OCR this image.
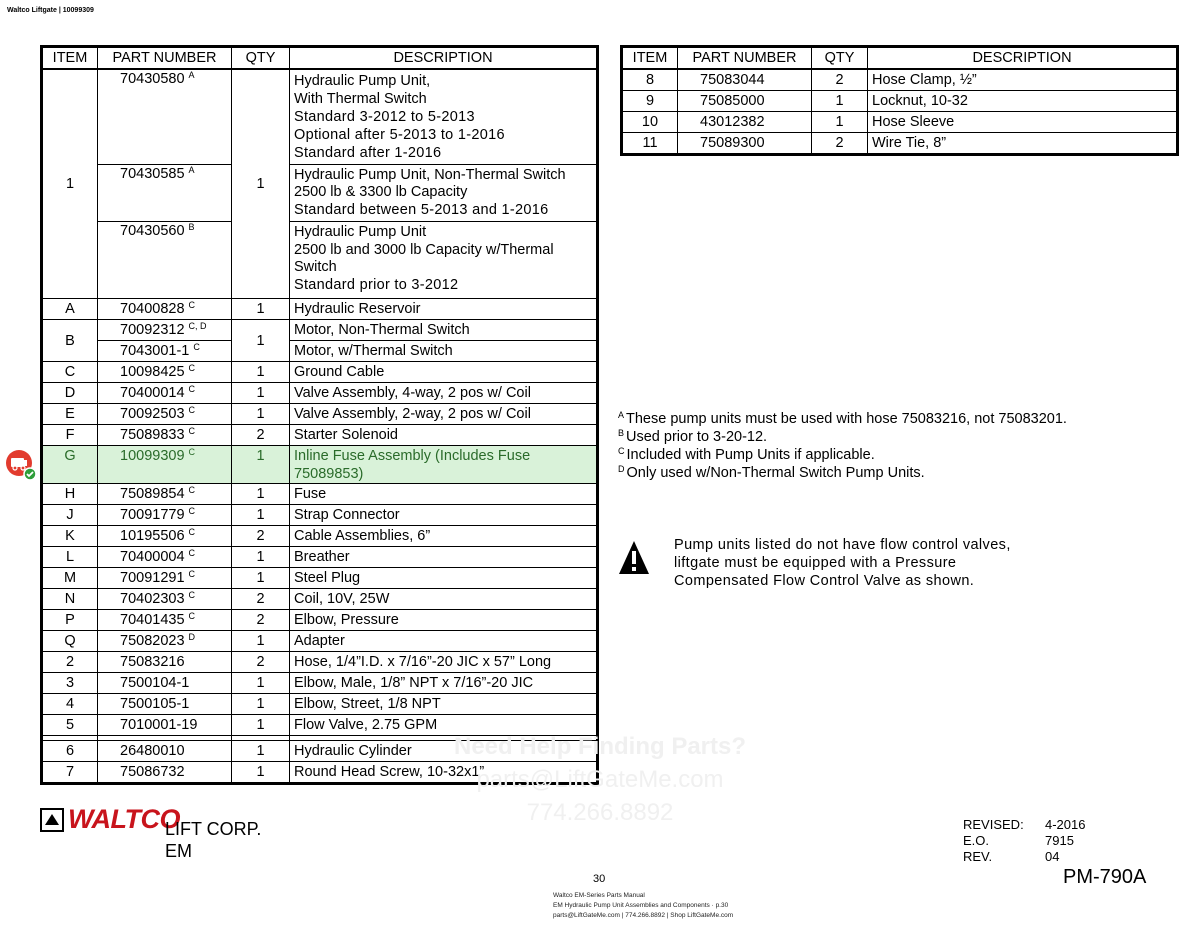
Waltco Liftgate | 10099309
ITEM	PART NUMBER	QTY	DESCRIPTION
1	70430580 $^A$	1	Hydraulic Pump Unit,
With Thermal Switch
Standard 3-2012 to 5-2013
Optional after 5-2013 to 1-2016
Standard after 1-2016

	70430585 $^A$		Hydraulic Pump Unit, Non-Thermal Switch
2500 lb & 3300 lb Capacity
Standard between 5-2013 and 1-2016

	70430560 $^B$		Hydraulic Pump Unit
2500 lb and 3000 lb Capacity w/Thermal
Switch
Standard prior to 3-2012

A	70400828 $^C$	1	Hydraulic Reservoir
B	70092312 $^{C, D}$	1	Motor, Non-Thermal Switch
	7043001-1 $^C$		Motor, w/Thermal Switch
C	10098425 $^C$	1	Ground Cable
D	70400014 $^C$	1	Valve Assembly, 4-way, 2 pos w/ Coil
E	70092503 $^C$	1	Valve Assembly, 2-way, 2 pos w/ Coil
F	75089833 $^C$	2	Starter Solenoid
G	10099309 $^C$	1	Inline Fuse Assembly (Includes Fuse
75089853)

H	75089854 $^C$	1	Fuse
J	70091779 $^C$	1	Strap Connector
K	10195506 $^C$	2	Cable Assemblies, 6”
L	70400004 $^C$	1	Breather
M	70091291 $^C$	1	Steel Plug
N	70402303 $^C$	2	Coil, 10V, 25W
P	70401435 $^C$	2	Elbow, Pressure
Q	75082023 $^D$	1	Adapter
2	75083216	2	Hose, 1/4”I.D. x 7/16”-20 JIC x 57” Long
3	7500104-1	1	Elbow, Male, 1/8” NPT x 7/16”-20 JIC
4	7500105-1	1	Elbow, Street, 1/8 NPT
5	7010001-19	1	Flow Valve, 2.75 GPM

6	26480010	1	Hydraulic Cylinder
7	75086732	1	Round Head Screw, 10-32x1”
ITEM	PART NUMBER	QTY	DESCRIPTION
8	75083044	2	Hose Clamp, ½”
9	75085000	1	Locknut, 10-32
10	43012382	1	Hose Sleeve
11	75089300	2	Wire Tie, 8”
$^A$ These pump units must be used with hose 75083216, not 75083201.
$^B$ Used prior to 3-20-12.
$^C$ Included with Pump Units if applicable.
$^D$ Only used w/Non-Thermal Switch Pump Units.
Pump units listed do not have flow control valves, liftgate must be equipped with a Pressure Compensated Flow Control Valve as shown.
Need Help Finding Parts?
parts@LiftGateMe.com
774.266.8892
WALTCO
LIFT CORP.
EM
REVISED: 4-2016
E.O.	7915
REV.	04
PM-790A
30
Waltco EM-Series Parts Manual
EM Hydraulic Pump Unit Assemblies and Components · p.30
parts@LiftGateMe.com | 774.266.8892 | Shop LiftGateMe.com
